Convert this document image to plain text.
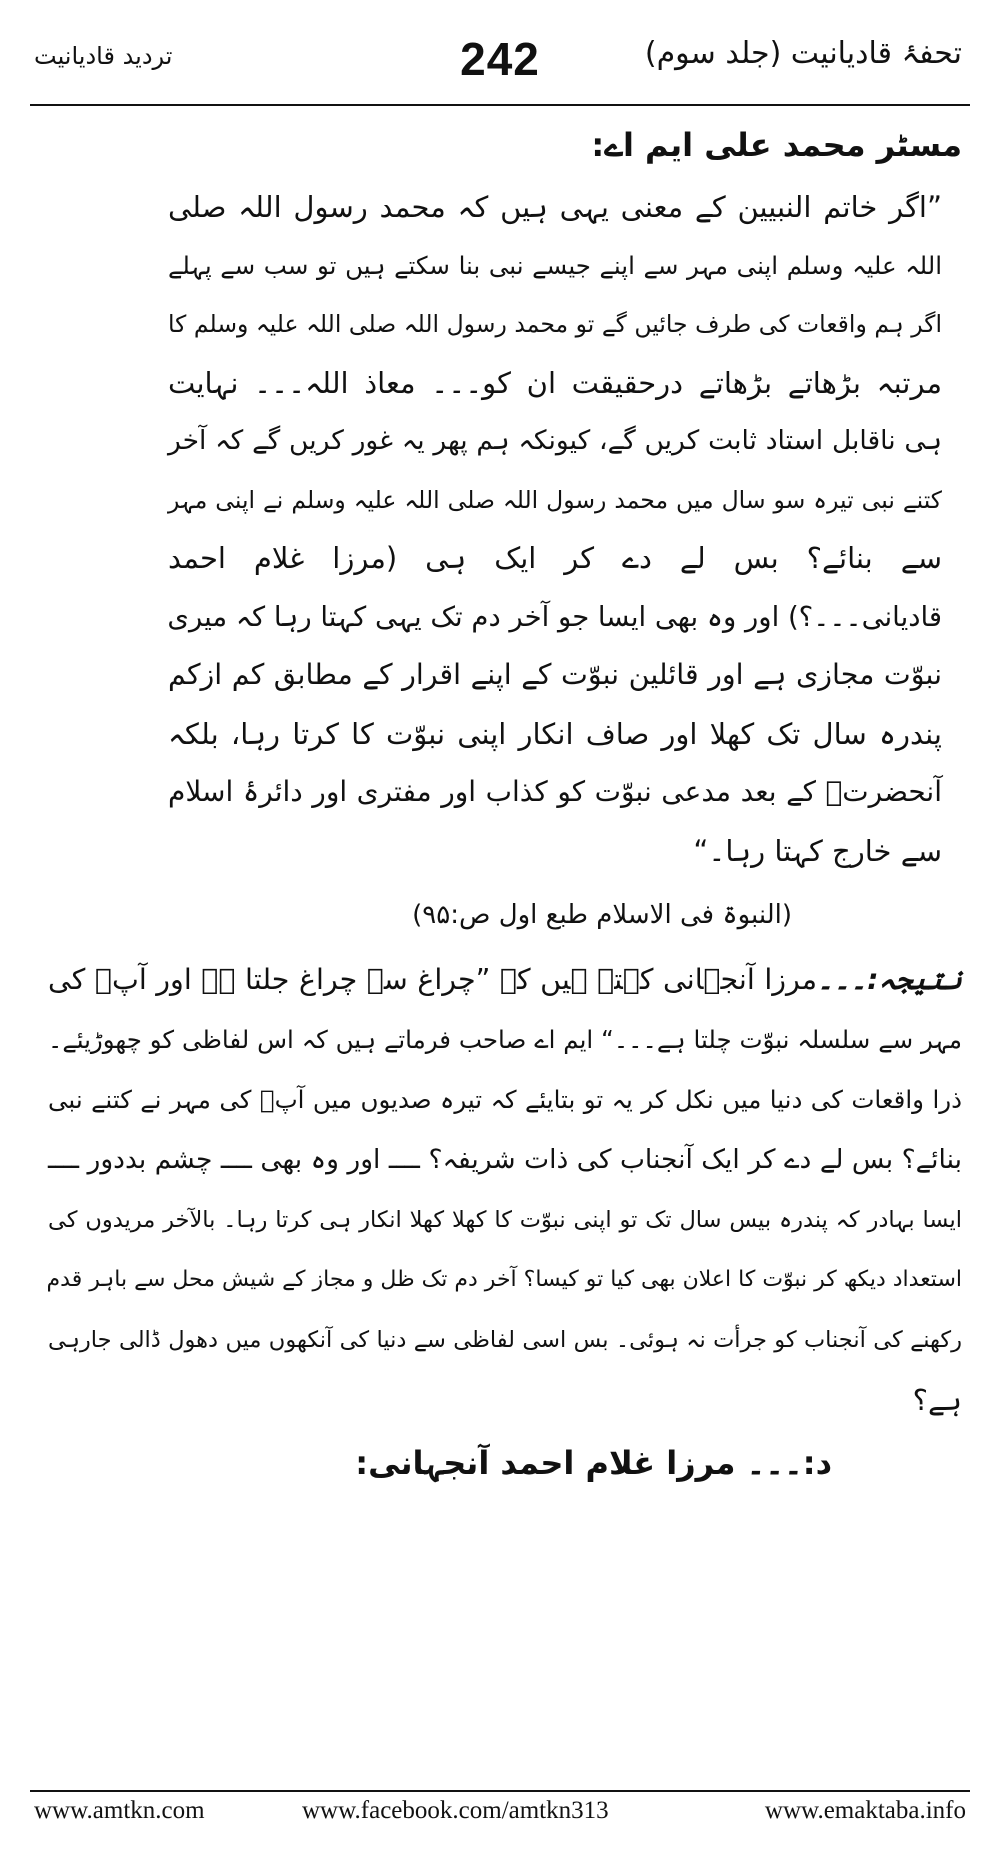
تحفۂ قادیانیت (جلد سوم)
242
تردید قادیانیت
مسٹر محمد علی ایم اے:
”اگر خاتم النبیین کے معنی یہی ہیں کہ محمد رسول اللہ صلی
اللہ علیہ وسلم اپنی مہر سے اپنے جیسے نبی بنا سکتے ہیں تو سب سے پہلے
اگر ہم واقعات کی طرف جائیں گے تو محمد رسول اللہ صلی اللہ علیہ وسلم کا
مرتبہ بڑھاتے بڑھاتے درحقیقت ان کو۔۔۔ معاذ اللہ۔۔۔ نہایت
ہی ناقابل استاد ثابت کریں گے، کیونکہ ہم پھر یہ غور کریں گے کہ آخر
کتنے نبی تیرہ سو سال میں محمد رسول اللہ صلی اللہ علیہ وسلم نے اپنی مہر
سے بنائے؟ بس لے دے کر ایک ہی (مرزا غلام احمد
قادیانی۔۔۔؟) اور وہ بھی ایسا جو آخر دم تک یہی کہتا رہا کہ میری
نبوّت مجازی ہے اور قائلین نبوّت کے اپنے اقرار کے مطابق کم ازکم
پندرہ سال تک کھلا اور صاف انکار اپنی نبوّت کا کرتا رہا، بلکہ
آنحضرتؐ کے بعد مدعی نبوّت کو کذاب اور مفتری اور دائرۂ اسلام
سے خارج کہتا رہا۔“
(النبوۃ فی الاسلام طبع اول ص:۹۵)
نتیجہ:۔۔۔مرزا آنجہانی کہتے ہیں کہ ”چراغ سے چراغ جلتا ہے اور آپؐ کی
مہر سے سلسلہ نبوّت چلتا ہے۔۔۔“ ایم اے صاحب فرماتے ہیں کہ اس لفاظی کو چھوڑیئے۔
ذرا واقعات کی دنیا میں نکل کر یہ تو بتایئے کہ تیرہ صدیوں میں آپؐ کی مہر نے کتنے نبی
بنائے؟ بس لے دے کر ایک آنجناب کی ذات شریفہ؟ ــــ اور وہ بھی ــــ چشم بددور ــــ
ایسا بہادر کہ پندرہ بیس سال تک تو اپنی نبوّت کا کھلا کھلا انکار ہی کرتا رہا۔ بالآخر مریدوں کی
استعداد دیکھ کر نبوّت کا اعلان بھی کیا تو کیسا؟ آخر دم تک ظل و مجاز کے شیش محل سے باہر قدم
رکھنے کی آنجناب کو جرأت نہ ہوئی۔ بس اسی لفاظی سے دنیا کی آنکھوں میں دھول ڈالی جارہی
ہے؟
د:۔۔۔ مرزا غلام احمد آنجہانی:
www.amtkn.com	www.facebook.com/amtkn313	www.emaktaba.info
